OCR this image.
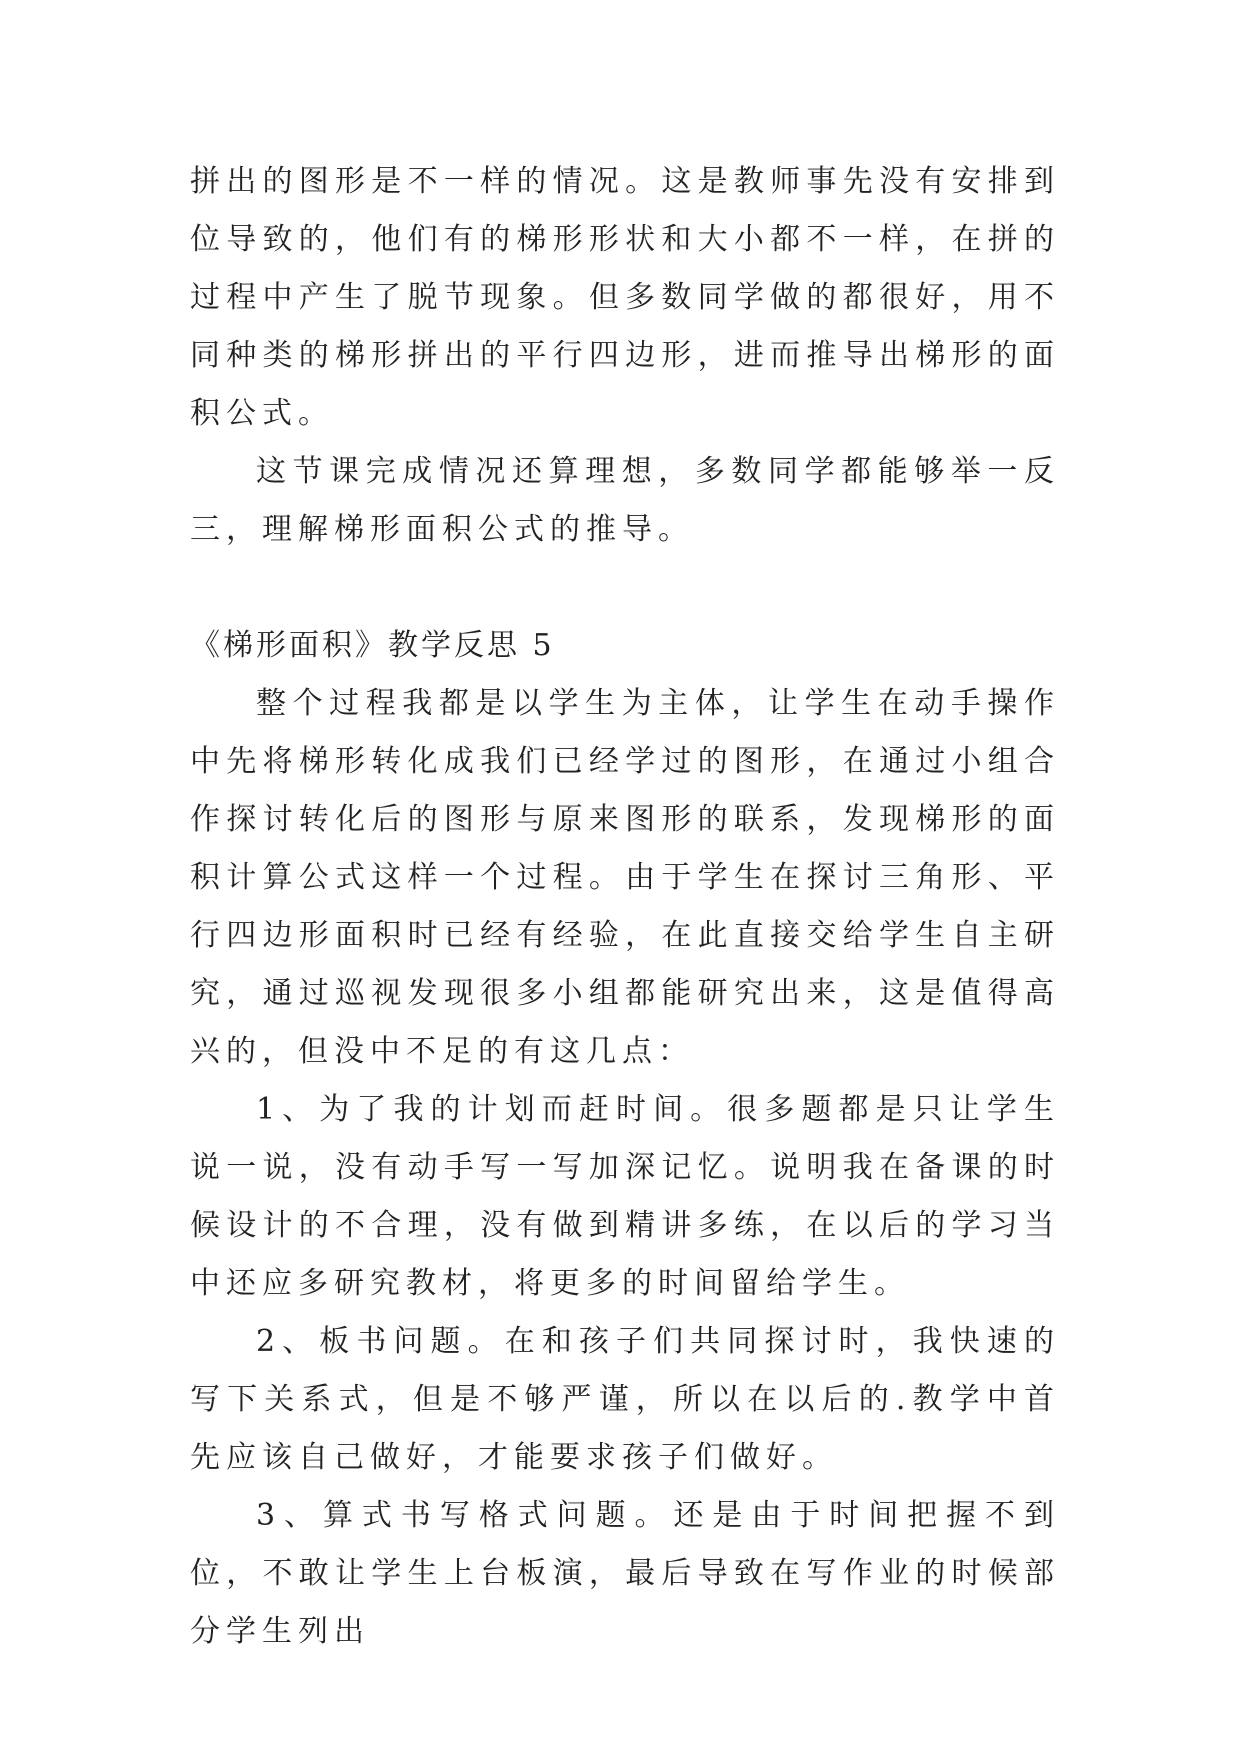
拼出的图形是不一样的情况。这是教师事先没有安排到位导致的，他们有的梯形形状和大小都不一样，在拼的过程中产生了脱节现象。但多数同学做的都很好，用不同种类的梯形拼出的平行四边形，进而推导出梯形的面积公式。

这节课完成情况还算理想，多数同学都能够举一反三，理解梯形面积公式的推导。

《梯形面积》教学反思 5

整个过程我都是以学生为主体，让学生在动手操作中先将梯形转化成我们已经学过的图形，在通过小组合作探讨转化后的图形与原来图形的联系，发现梯形的面积计算公式这样一个过程。由于学生在探讨三角形、平行四边形面积时已经有经验，在此直接交给学生自主研究，通过巡视发现很多小组都能研究出来，这是值得高兴的，但没中不足的有这几点：

1、为了我的计划而赶时间。很多题都是只让学生说一说，没有动手写一写加深记忆。说明我在备课的时候设计的不合理，没有做到精讲多练，在以后的学习当中还应多研究教材，将更多的时间留给学生。

2、板书问题。在和孩子们共同探讨时，我快速的写下关系式，但是不够严谨，所以在以后的.教学中首先应该自己做好，才能要求孩子们做好。

3、算式书写格式问题。还是由于时间把握不到位，不敢让学生上台板演，最后导致在写作业的时候部分学生列出
